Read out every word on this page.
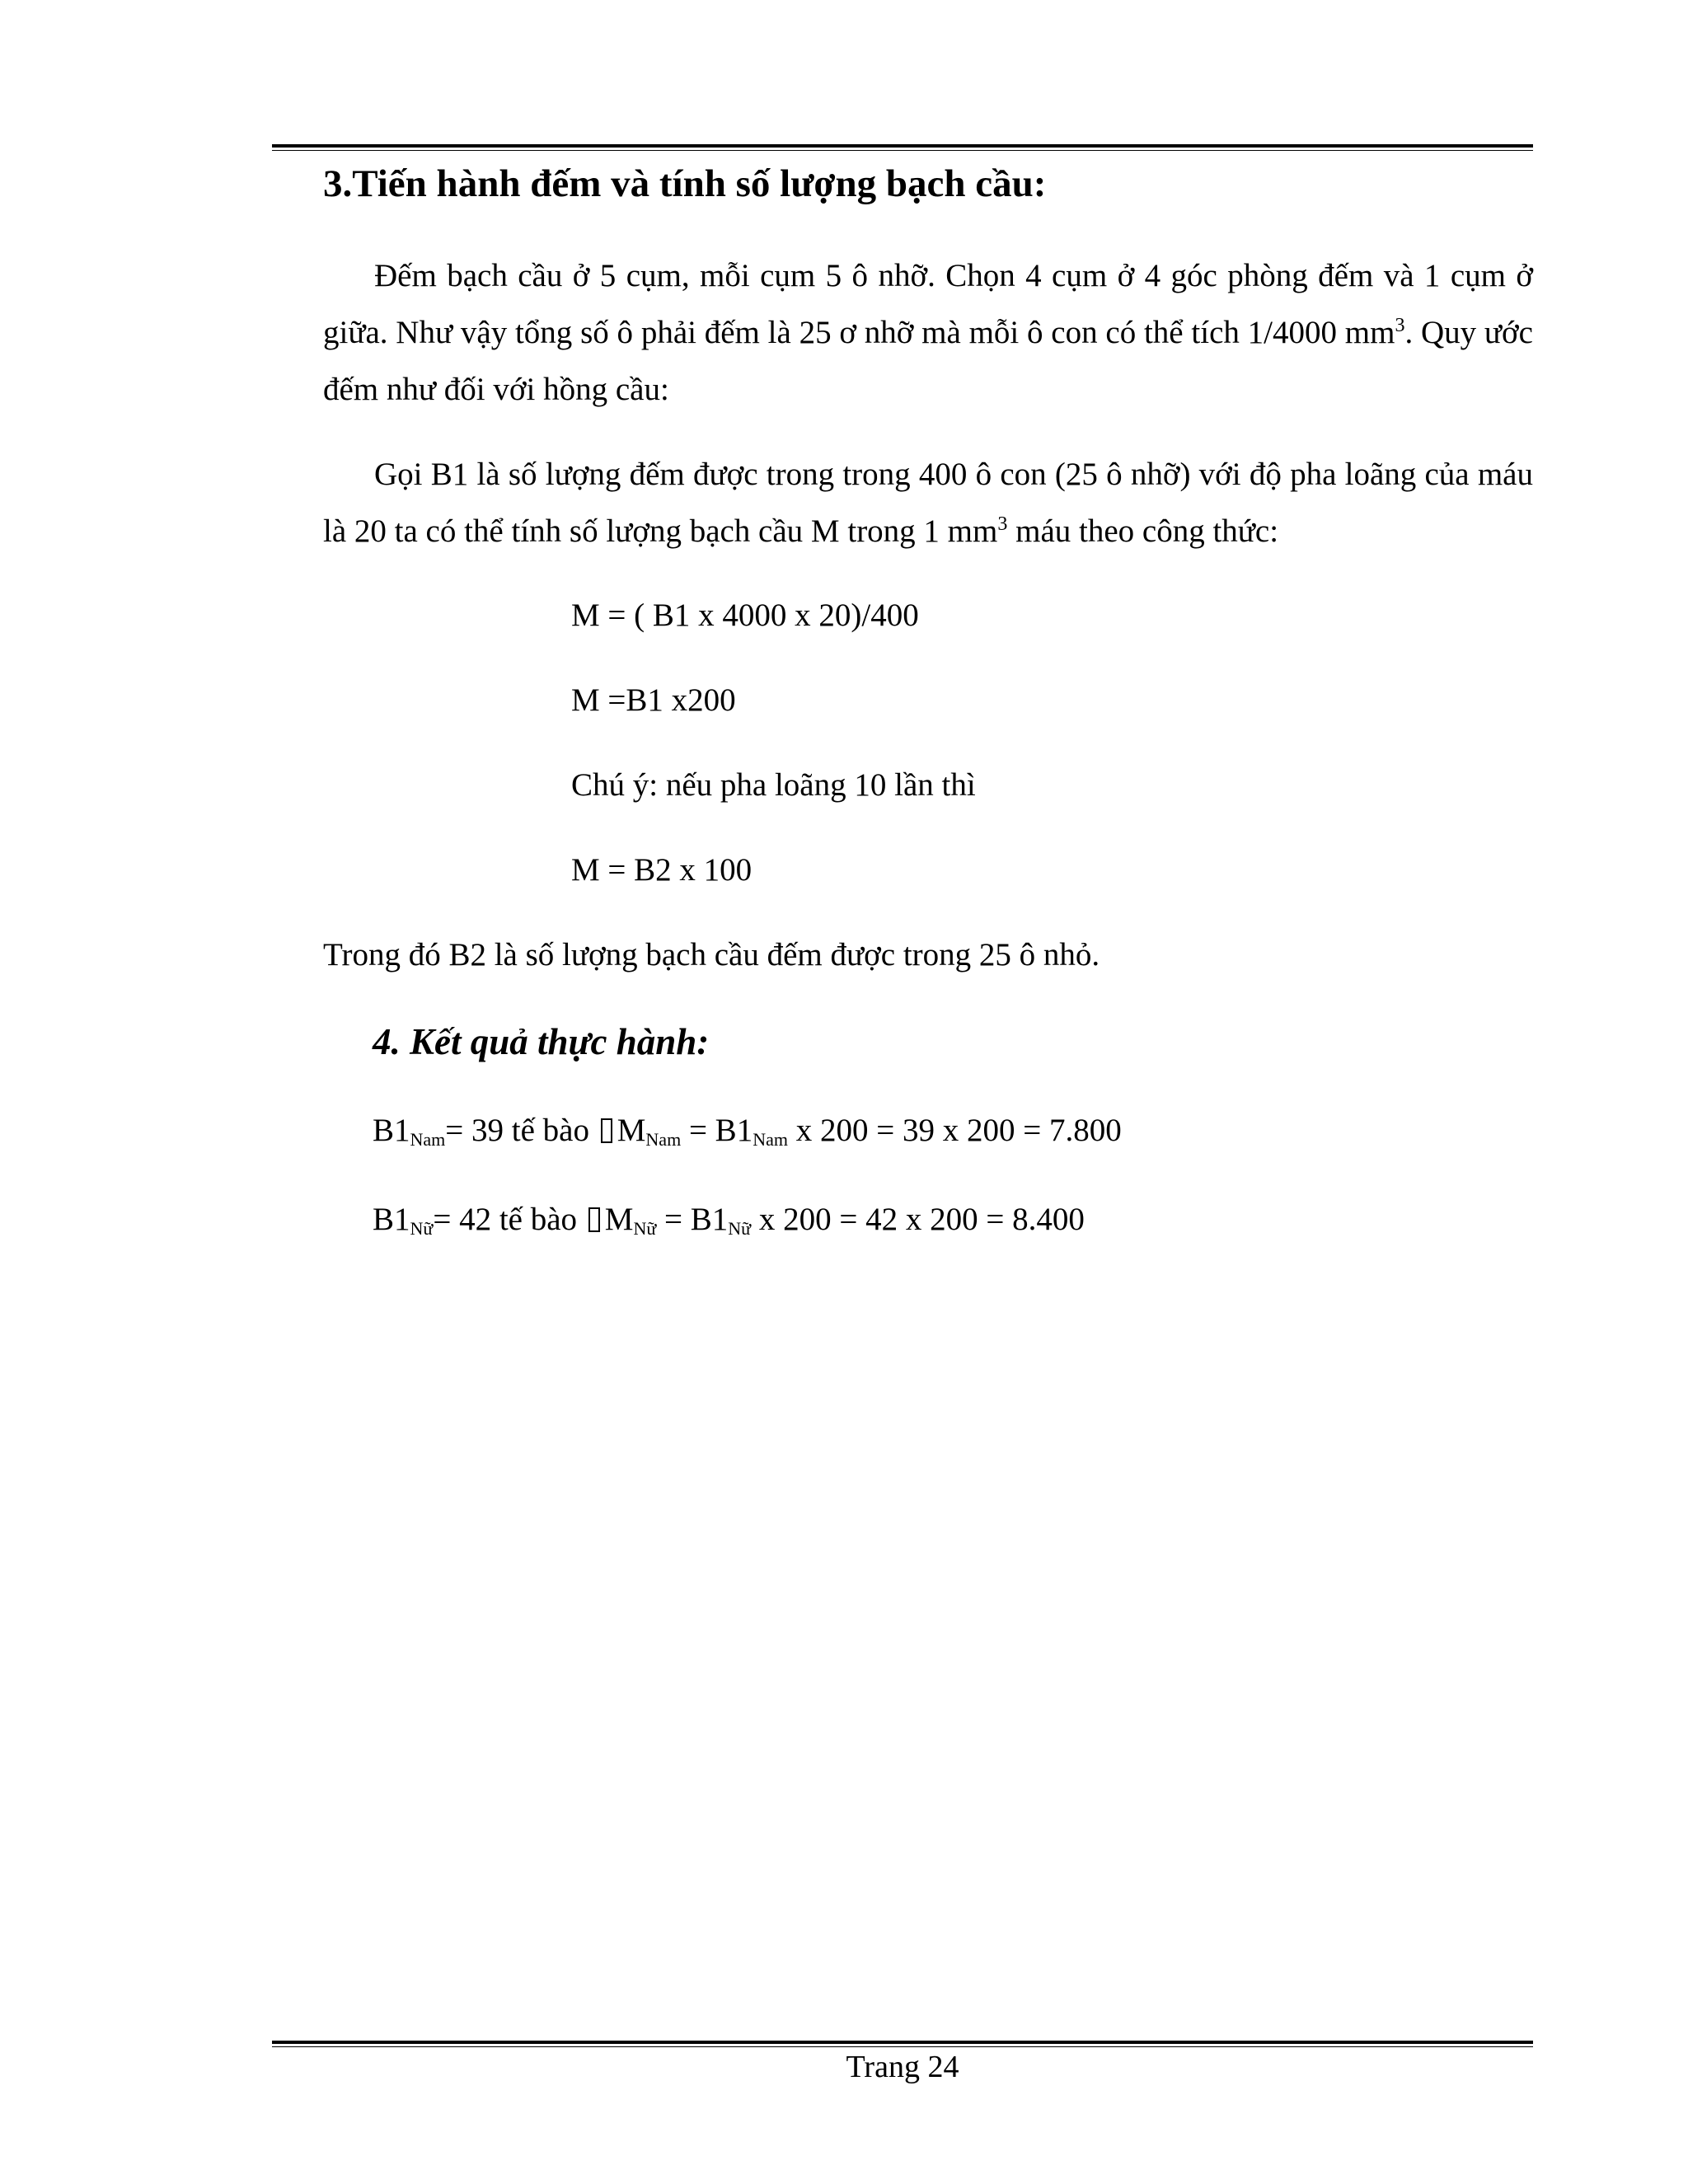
3.Tiến hành đếm và tính số lượng bạch cầu:

Đếm bạch cầu ở 5 cụm, mỗi cụm 5 ô nhỡ. Chọn 4 cụm ở 4 góc phòng đếm và 1 cụm ở giữa. Như vậy tổng số ô phải đếm là 25 ơ nhỡ mà mỗi ô con có thể tích 1/4000 $mm^3$. Quy ước đếm như đối với hồng cầu:

Gọi B1 là số lượng đếm được trong trong 400 ô con (25 ô nhỡ) với độ pha loãng của máu là 20 ta có thể tính số lượng bạch cầu M trong 1 $mm^3$ máu theo công thức:

M = ( B1 x 4000 x 20)/400

M =B1 x200

Chú ý: nếu pha loãng 10 lần thì

M = B2 x 100

Trong đó B2 là số lượng bạch cầu đếm được trong 25 ô nhỏ.

4. Kết quả thực hành:

$B1_{Nam}= 39$ tế bào $M_{Nam} = B1_{Nam}$ x 200 = 39 x 200 = 7.800

$B1_{Nữ}= 42$ tế bào $M_{Nữ} = B1_{Nữ}$ x 200 = 42 x 200 = 8.400

Trang 24
